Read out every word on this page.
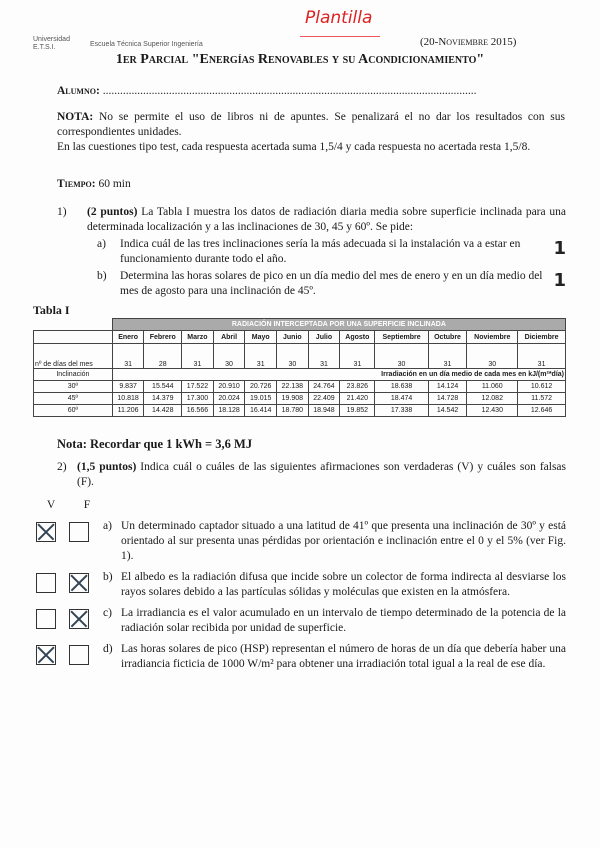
Universidad
E.T.S.I.	Escuela Técnica Superior Ingeniería
Plantilla
(20-Noviembre 2015)
1er Parcial "Energías Renovables y su Acondicionamiento"
Alumno: ..................................................................................................................................
NOTA: No se permite el uso de libros ni de apuntes. Se penalizará el no dar los resultados con sus correspondientes unidades.
En las cuestiones tipo test, cada respuesta acertada suma 1,5/4 y cada respuesta no acertada resta 1,5/8.
Tiempo: 60 min
1)	(2 puntos) La Tabla I muestra los datos de radiación diaria media sobre superficie inclinada para una determinada localización y a las inclinaciones de 30, 45 y 60º. Se pide:
a)	Indica cuál de las tres inclinaciones sería la más adecuada si la instalación va a estar en funcionamiento durante todo el año.	1
b)	Determina las horas solares de pico en un día medio del mes de enero y en un día medio del mes de agosto para una inclinación de 45º.	1
Tabla I
	RADIACIÓN INTERCEPTADA POR UNA SUPERFICIE INCLINADA											
	Enero	Febrero	Marzo	Abril	Mayo	Junio	Julio	Agosto	Septiembre	Octubre	Noviembre	Diciembre
nº de días del mes	31	28	31	30	31	30	31	31	30	31	30	31
Inclinación	Irradiación en un día medio de cada mes en kJ/(m²*día)											
30º	9.837	15.544	17.522	20.910	20.726	22.138	24.764	23.826	18.638	14.124	11.060	10.612
45º	10.818	14.379	17.300	20.024	19.015	19.908	22.409	21.420	18.474	14.728	12.082	11.572
60º	11.206	14.428	16.566	18.128	16.414	18.780	18.948	19.852	17.338	14.542	12.430	12.646
Nota: Recordar que 1 kWh = 3,6 MJ
2) (1,5 puntos) Indica cuál o cuáles de las siguientes afirmaciones son verdaderas (V) y cuáles son falsas (F).
V	F
a) Un determinado captador situado a una latitud de 41º que presenta una inclinación de 30º y está orientado al sur presenta unas pérdidas por orientación e inclinación entre el 0 y el 5% (ver Fig. 1).
b) El albedo es la radiación difusa que incide sobre un colector de forma indirecta al desviarse los rayos solares debido a las partículas sólidas y moléculas que existen en la atmósfera.
c) La irradiancia es el valor acumulado en un intervalo de tiempo determinado de la potencia de la radiación solar recibida por unidad de superficie.
d) Las horas solares de pico (HSP) representan el número de horas de un día que debería haber una irradiancia ficticia de 1000 W/m² para obtener una irradiación total igual a la real de ese día.
